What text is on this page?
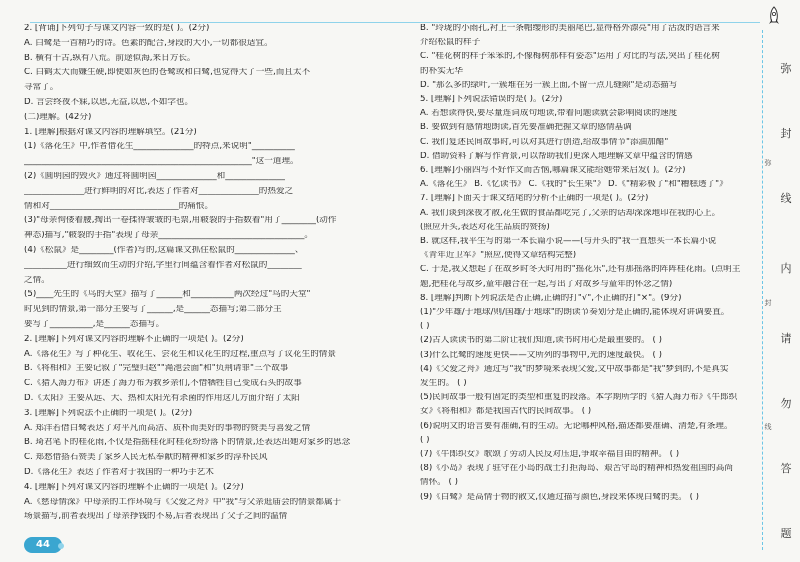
2. [背诵]下列句子与课文内容一致的是( )。(2分)
A. 白鹭是一首精巧的诗。色素的配合,身段的大小,一切都很适宜。
B. 横有千古,纵有八荒。前途似海,来日方长。
C. 白鹤太大而嫌生硬,即使如灰色的苍鹭或和白鹭,也觉得大了一些,而且太不
寻常了。
D. 言尝终夜不寐,以思,无益,以思,不如学也。
(二)理解。(42分)
1. [理解]根据对课文内容的理解填空。(21分)
(1)《落花生》中,作者借花生______________的特点,来说明"__________
_____________________________________________________"这一道理。
(2)《圆明园的毁灭》通过将圆明园______________和______________
______________进行鲜明的对比,表达了作者对______________的热爱之
情和对______________________________的痛恨。
(3)"母亲佝偻着腰,掏出一卷揉得皱皱的毛票,用皲裂的手指数着"用了________(动作
神态)描写,"皲裂的手指"表现了母亲__________________________________。
(4)《松鼠》是________(作者)写的,这篇课文抓住松鼠的______________、
__________进行细致而生动的介绍,字里行间蕴含着作者对松鼠的________
之情。
(5)____先生的《鸟的天堂》描写了______和__________两次经过"鸟的天堂"
时见到的情景,第一部分主要写了______,是______态描写;第二部分主
要写了__________,是______态描写。
2. [理解]下列对课文内容的理解不正确的一项是( )。(2分)
A.《落花生》写了种花生、收花生、尝花生和议花生的过程,重点写了议花生的情景
B.《将相和》主要记叙了"完璧归赵""渑池会面"和"负荆请罪"三个故事
C.《猎人海力布》讲述了海力布为救乡亲们,不惜牺牲自己变成石头的故事
D.《太阳》主要从远、大、热和太阳光有杀菌的作用这几方面介绍了太阳
3. [理解]下列说法不正确的一项是( )。(2分)
A. 郑洋若借白鹭表达了对平凡而高洁、质朴而美好的事物的赞美与喜爱之情
B. 琦君笔下的桂花雨,不仅是指摇桂花时桂花纷纷落下的情景,还表达出她对家乡的思念
C. 郑愁借搭石赞美了家乡人民无私奉献的精神和家乡的淳朴民风
D.《落花生》表达了作者对于我国的一种巧手艺术
4. [理解]下列对课文内容的理解不正确的一项是( )。(2分)
A.《慈母情深》中母亲的工作环境与《父爱之舟》中"我"与父亲逛庙会的情景都属于
场景描写,前者表现出了母亲挣钱的不易,后者表现出了父子之间的温情
B. "玲珑的小雨孔,衬上一条帽缨形的美丽尾巴,显得格外漂亮"用了活泼的语言来
介绍松鼠的样子
C. "桂花树的样子笨笨的,不像梅树那样有姿态"运用了对比的写法,突出了桂花树
的朴实无华
D. "那么多的绿叶,一簇堆在另一簇上面,不留一点儿缝隙"是动态描写
5. [理解]下列说法错误的是( )。(2分)
A. 若想读得快,要尽量连词成句地读,带着问题读就会影响阅读的速度
B. 要做到有感情地朗读,首先要准确把握文章的感情基调
C. 我们复述民间故事时,可以对其进行创造,给故事情节"添油加醋"
D. 借助资料了解写作背景,可以帮助我们更深入地理解文章中蕴含的情感
6. [理解]小丽四写不好作文而苦恼,哪篇课文能给她带来启发( )。(2分)
A.《落花生》 B.《忆读书》 C.《我的"长生果"》 D.《"精彩极了"和"糟糕透了"》
7. [理解]下面关于课文结尾的分析不正确的一项是( )。(2分)
A. 我们谈到深夜才散,花生做的食品都吃完了,父亲的话却深深地印在我的心上。
(照应开头,表达对花生品质的赞扬)
B. 就这样,我平生写的第一本长篇小说——(与开头的"我一直想买一本长篇小说
《青年近卫军》"照应,使得文章结构完整)
C. 于是,我又想起了在故乡时冬天时用的"摇花乐",还有那摇落的阵阵桂花雨。(点明主
题,把桂花与故乡,童年融合在一起,写出了对故乡与童年的怀念之情)
8. [理解]判断下列说法是否正确,正确的打"√",不正确的打"×"。(9分)
(1)"少年雄/于地球/则/国雄/于地球"的朗读节奏划分是正确的,能体现对讲调要直。
( )
(2)古人读读书的第二阶让我们知道,读书时用心是最重要的。 ( )
(3)什么比鹭的速度更快——文所列的事物中,光的速度最快。 ( )
(4)《父爱之舟》通过写"我"的梦境来表现父爱,文中故事都是"我"梦到的,不是真实
发生的。 ( )
(5)民间故事一般有固定的类型和重复的段落。本学期所学的《猎人海力布》《牛郎织
女》《将相和》都是我国古代的民间故事。 ( )
(6)说明文的语言要有准确,有的生动。无论哪种风格,描述都要准确、清楚,有条理。
( )
(7)《牛郎织女》歌颂了劳动人民反对压迫,争取幸福自由的精神。 ( )
(8)《小岛》表现了驻守在小岛的战士打拒海岛、艰苦守岛的精神和热爱祖国的高尚
情怀。 ( )
(9)《白鹭》是高情于物的散文,仅通过描写颜色,身段来体现白鹭的美。 ( )
弥
封
线
内
请
勿
答
题
弥
封
线
44
